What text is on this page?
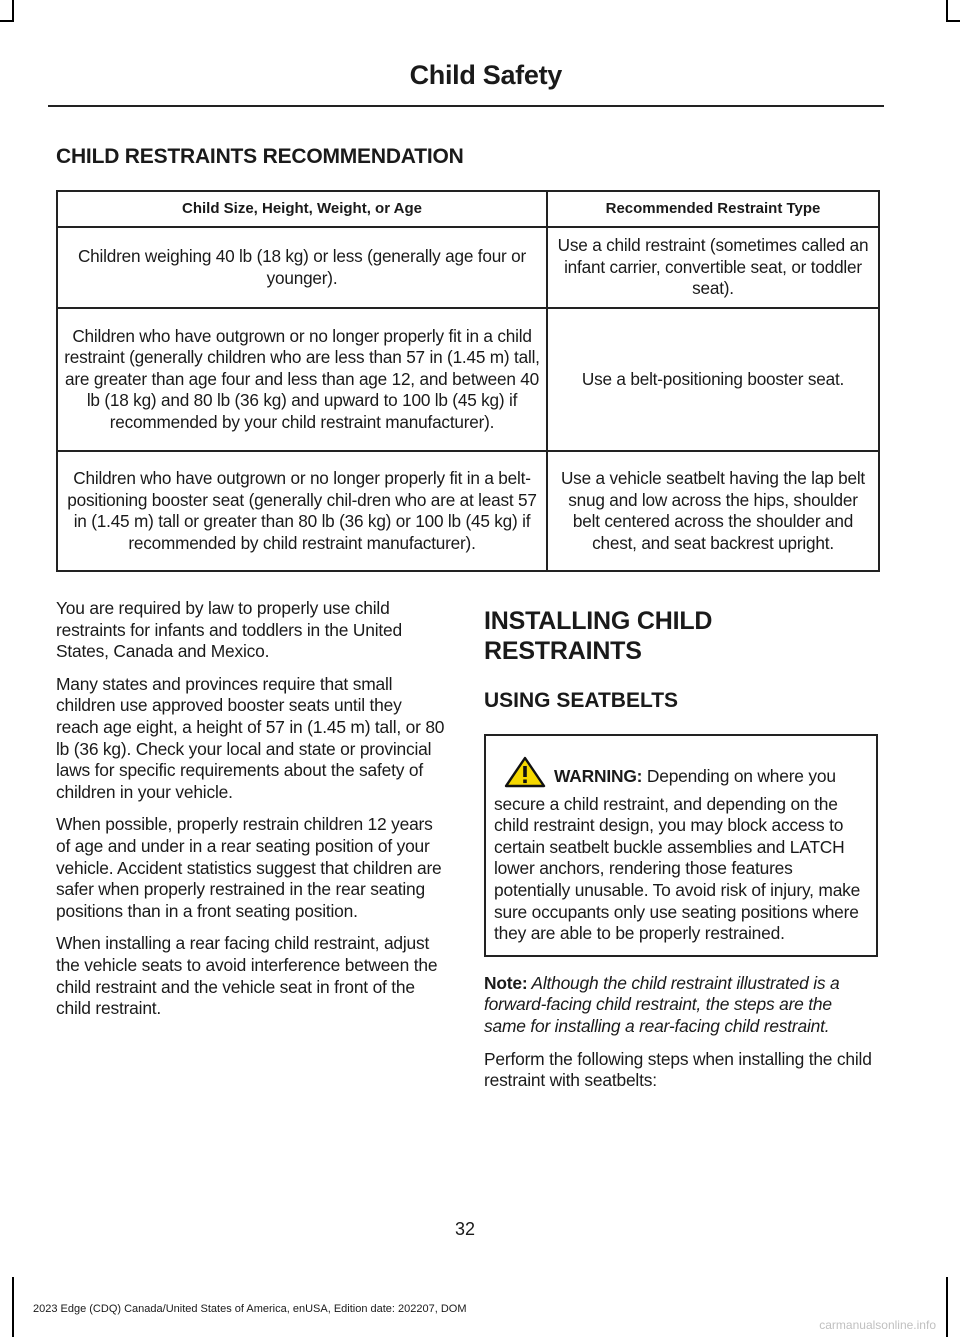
Child Safety
CHILD RESTRAINTS RECOMMENDATION
Child Size, Height, Weight, or Age	Recommended Restraint Type
Children weighing 40 lb (18 kg) or less (generally age four or younger).	Use a child restraint (sometimes called an infant carrier, convertible seat, or toddler seat).
Children who have outgrown or no longer properly fit in a child restraint (generally children who are less than 57 in (1.45 m) tall, are greater than age four and less than age 12, and between 40 lb (18 kg) and 80 lb (36 kg) and upward to 100 lb (45 kg) if recommended by your child restraint manufacturer).	Use a belt-positioning booster seat.
Children who have outgrown or no longer properly fit in a belt-positioning booster seat (generally chil-dren who are at least 57 in (1.45 m) tall or greater than 80 lb (36 kg) or 100 lb (45 kg) if recommended by child restraint manufacturer).	Use a vehicle seatbelt having the lap belt snug and low across the hips, shoulder belt centered across the shoulder and chest, and seat backrest upright.

You are required by law to properly use child restraints for infants and toddlers in the United States, Canada and Mexico.

Many states and provinces require that small children use approved booster seats until they reach age eight, a height of 57 in (1.45 m) tall, or 80 lb (36 kg). Check your local and state or provincial laws for specific requirements about the safety of children in your vehicle.

When possible, properly restrain children 12 years of age and under in a rear seating position of your vehicle. Accident statistics suggest that children are safer when properly restrained in the rear seating positions than in a front seating position.

When installing a rear facing child restraint, adjust the vehicle seats to avoid interference between the child restraint and the vehicle seat in front of the child restraint.

INSTALLING CHILD
RESTRAINTS
USING SEATBELTS
WARNING: Depending on where you secure a child restraint, and depending on the child restraint design, you may block access to certain seatbelt buckle assemblies and LATCH lower anchors, rendering those features potentially unusable. To avoid risk of injury, make sure occupants only use seating positions where they are able to be properly restrained.
Note: Although the child restraint illustrated is a forward-facing child restraint, the steps are the same for installing a rear-facing child restraint.
Perform the following steps when installing the child restraint with seatbelts:
32
2023 Edge (CDQ) Canada/United States of America, enUSA, Edition date: 202207, DOM
carmanualsonline.info
